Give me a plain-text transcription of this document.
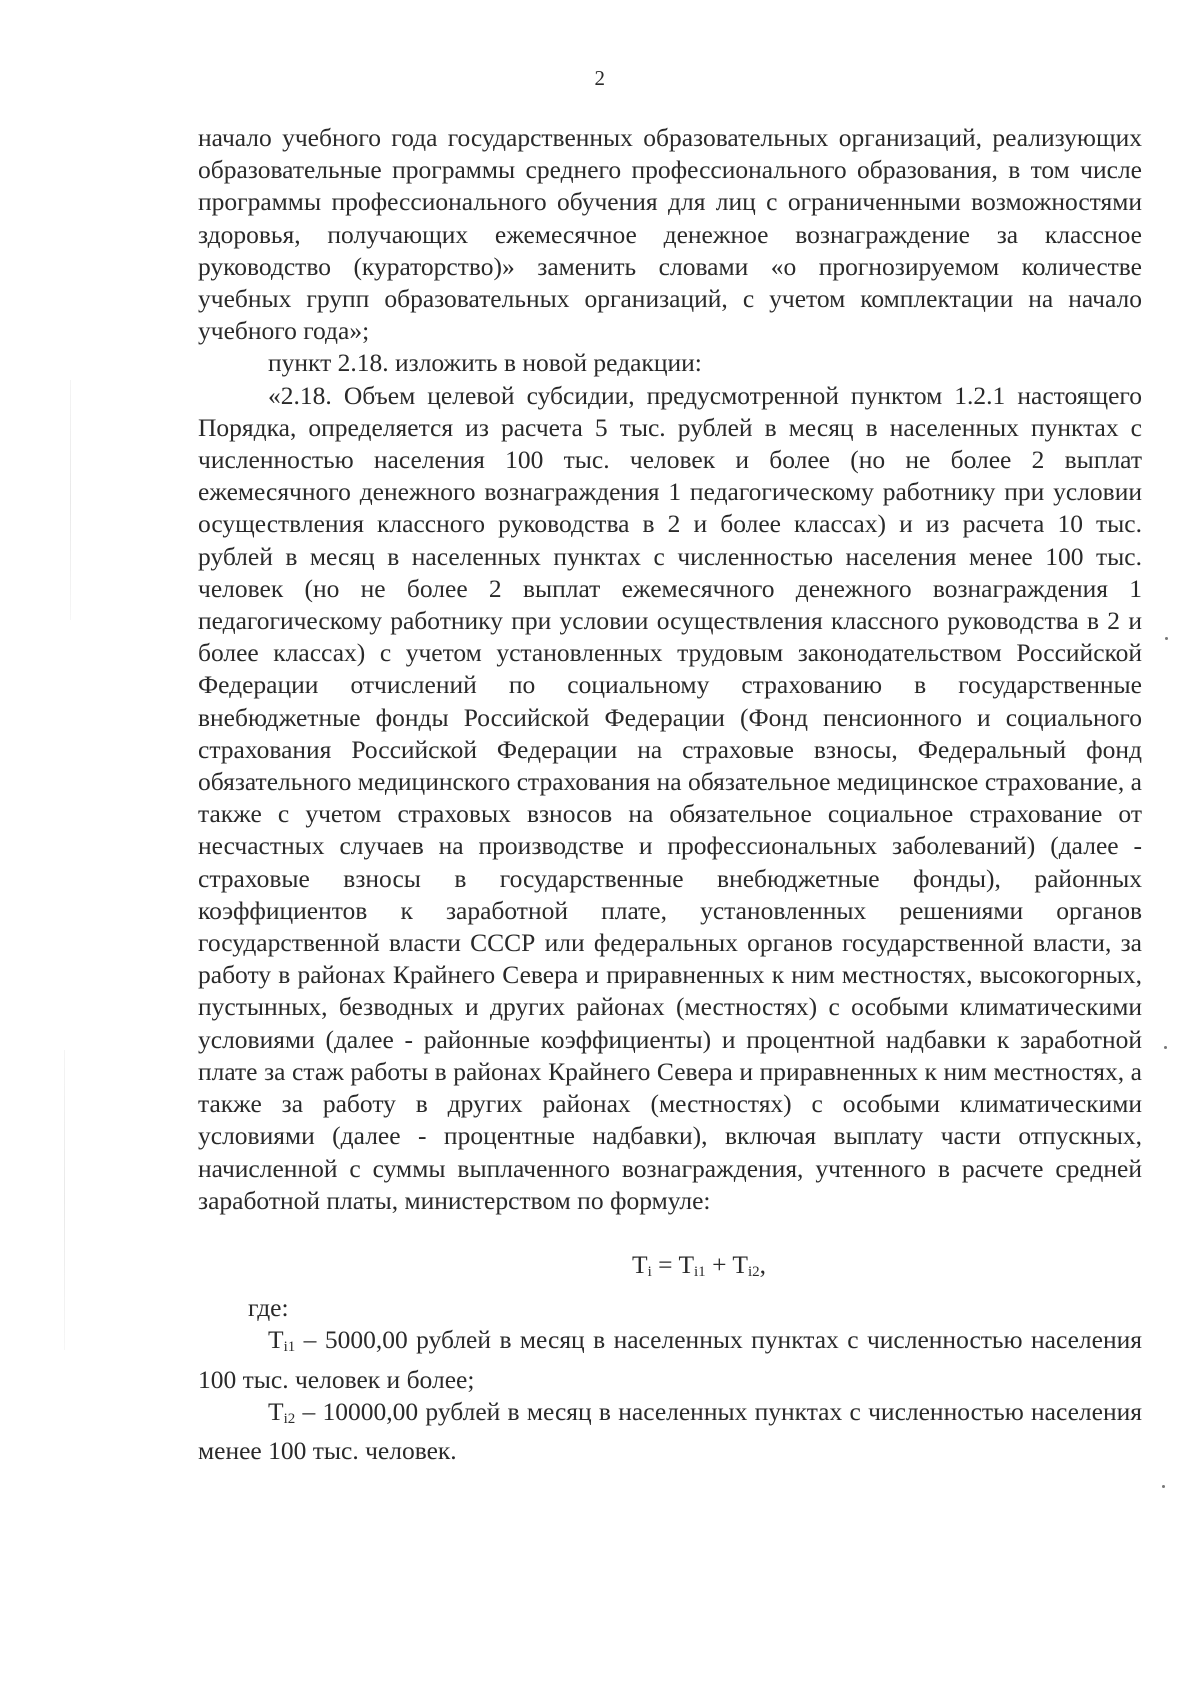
2

начало учебного года государственных образовательных организаций, реализующих образовательные программы среднего профессионального образования, в том числе программы профессионального обучения для лиц с ограниченными возможностями здоровья, получающих ежемесячное денежное вознаграждение за классное руководство (кураторство)» заменить словами «о прогнозируемом количестве учебных групп образовательных организаций, с учетом комплектации на начало учебного года»;

пункт 2.18. изложить в новой редакции:

«2.18. Объем целевой субсидии, предусмотренной пунктом 1.2.1 настоящего Порядка, определяется из расчета 5 тыс. рублей в месяц в населенных пунктах с численностью населения 100 тыс. человек и более (но не более 2 выплат ежемесячного денежного вознаграждения 1 педагогическому работнику при условии осуществления классного руководства в 2 и более классах) и из расчета 10 тыс. рублей в месяц в населенных пунктах с численностью населения менее 100 тыс. человек (но не более 2 выплат ежемесячного денежного вознаграждения 1 педагогическому работнику при условии осуществления классного руководства в 2 и более классах) с учетом установленных трудовым законодательством Российской Федерации отчислений по социальному страхованию в государственные внебюджетные фонды Российской Федерации (Фонд пенсионного и социального страхования Российской Федерации на страховые взносы, Федеральный фонд обязательного медицинского страхования на обязательное медицинское страхование, а также с учетом страховых взносов на обязательное социальное страхование от несчастных случаев на производстве и профессиональных заболеваний) (далее - страховые взносы в государственные внебюджетные фонды), районных коэффициентов к заработной плате, установленных решениями органов государственной власти СССР или федеральных органов государственной власти, за работу в районах Крайнего Севера и приравненных к ним местностях, высокогорных, пустынных, безводных и других районах (местностях) с особыми климатическими условиями (далее - районные коэффициенты) и процентной надбавки к заработной плате за стаж работы в районах Крайнего Севера и приравненных к ним местностях, а также за работу в других районах (местностях) с особыми климатическими условиями (далее - процентные надбавки), включая выплату части отпускных, начисленной с суммы выплаченного вознаграждения, учтенного в расчете средней заработной платы, министерством по формуле:

$T_i = T_{i1} + T_{i2}$,

где:

$T_{i1} - 5000,00$ рублей в месяц в населенных пунктах с численностью населения 100 тыс. человек и более;

$T_{i2} - 10000,00$ рублей в месяц в населенных пунктах с численностью населения менее 100 тыс. человек.
